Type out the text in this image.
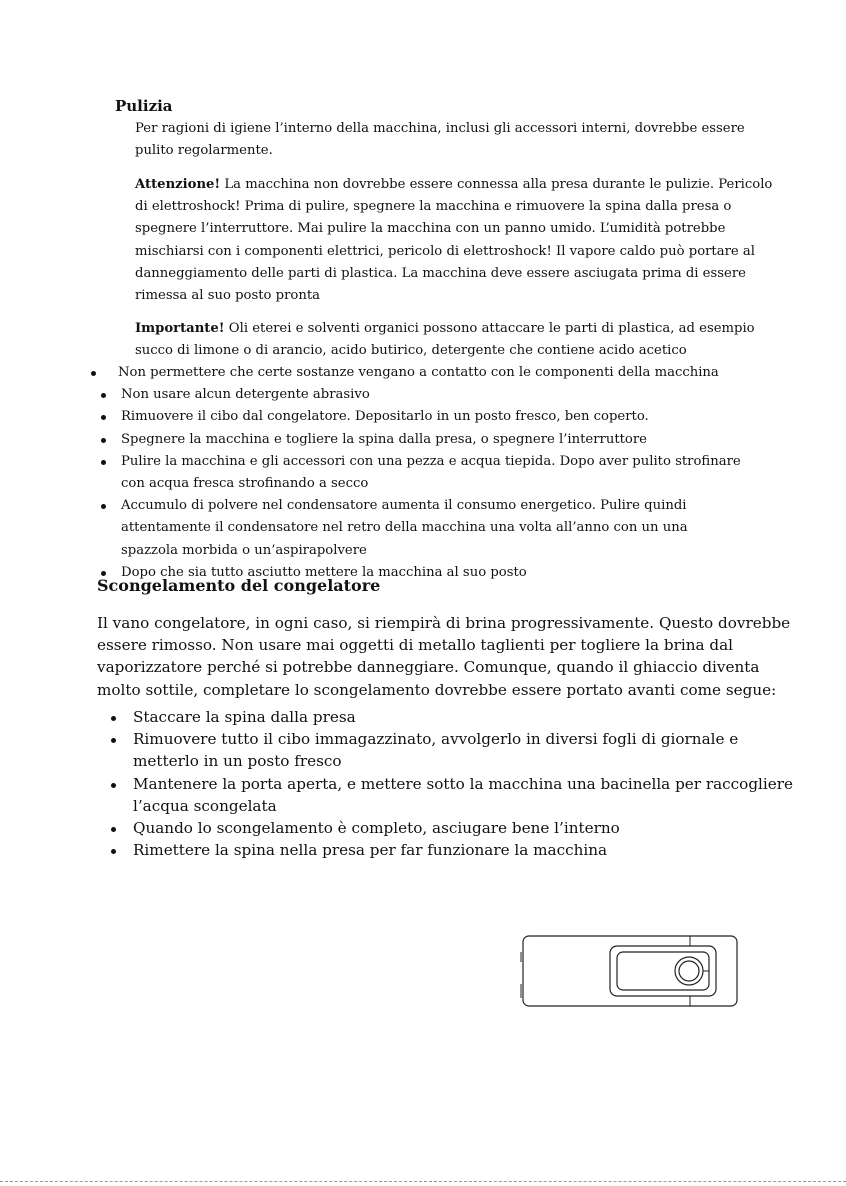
Pulizia

Per ragioni di igiene l’interno della macchina, inclusi gli accessori interni, dovrebbe essere pulito regolarmente.

Attenzione! La macchina non dovrebbe essere connessa alla presa durante le pulizie. Pericolo di elettroshock! Prima di pulire, spegnere la macchina e rimuovere la spina dalla presa o spegnere l’interruttore. Mai pulire la macchina con un panno umido. L’umidità potrebbe mischiarsi con i componenti elettrici, pericolo di elettroshock! Il vapore caldo può portare al danneggiamento delle parti di plastica. La macchina deve essere asciugata prima di essere rimessa al suo posto pronta

Importante! Oli eterei e solventi organici possono attaccare le parti di plastica, ad esempio succo di limone o di arancio, acido butirico, detergente che contiene acido acetico

Non permettere che certe sostanze vengano a contatto con le componenti della macchina
Non usare alcun detergente abrasivo
Rimuovere il cibo dal congelatore. Depositarlo in un posto fresco, ben coperto.
Spegnere la macchina e togliere la spina dalla presa, o spegnere l’interruttore
Pulire la macchina e gli accessori con una pezza e acqua tiepida. Dopo aver pulito strofinare con acqua fresca strofinando a secco
Accumulo di polvere nel condensatore aumenta il consumo energetico. Pulire quindi attentamente il condensatore nel retro della macchina una volta all’anno con un una spazzola morbida o un’aspirapolvere
Dopo che sia tutto asciutto mettere la macchina al suo posto
Scongelamento del congelatore

Il vano congelatore, in ogni caso, si riempirà di brina progressivamente. Questo dovrebbe essere rimosso. Non usare mai oggetti di metallo taglienti per togliere la brina dal vaporizzatore perché si potrebbe danneggiare. Comunque, quando il ghiaccio diventa molto sottile, completare lo scongelamento dovrebbe essere portato avanti come segue:

Staccare la spina dalla presa
Rimuovere tutto il cibo immagazzinato, avvolgerlo in diversi fogli di giornale e metterlo in un posto fresco
Mantenere la porta aperta, e mettere sotto la macchina una bacinella per raccogliere l’acqua scongelata
Quando lo scongelamento è completo, asciugare bene l’interno
Rimettere la spina nella presa per far funzionare la macchina
